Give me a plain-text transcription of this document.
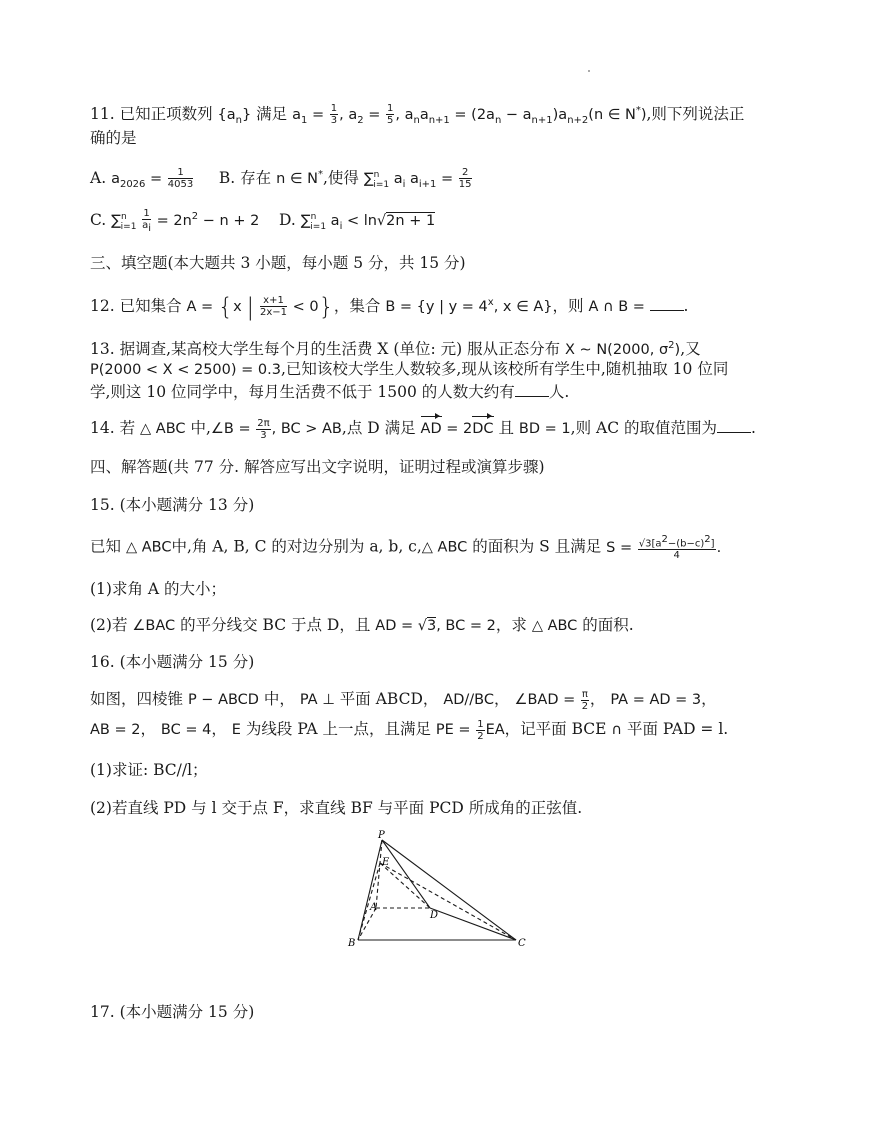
11. 已知正项数列 $\{a_n\}$ 满足 $a_1 = \frac{1}{3}$ , $a_2 = \frac{1}{5}$ , $a_na_{n+1} = (2a_n - a_{n+1})a_{n+2}(n$ ∈ N*),则下列说法正
确的是
A. $a_{2026} = \frac{1}{4053} B$. 存在 n ∈ N*,使得 ∑$^n_{i=1}$ $a_i$ $a_{i+1} = \frac{2}{15}$
C. $\sum^n_{i=1} \frac{1}{a_i} = 2n^2 - n + 2$ D. ∑$^n_{i=1}$ $a_i < \ln√2n + 1$
三、填空题(本大题共 3 小题，每小题 5 分，共 15 分)
12. 已知集合 A = {x | $\frac{x+1}{2x-1} < 0$}，集合 B = {y | $y = 4^x$, x ∈ A}，则 A ∩ B = .
13. 据调查,某高校大学生每个月的生活费 X (单位: 元) 服从正态分布 X ∼ N(2000, $\sigma^2$),又
P(2000 < X < 2500) = 0.3,已知该校大学生人数较多,现从该校所有学生中,随机抽取 10 位同
学,则这 10 位同学中，每月生活费不低于 1500 的人数大约有 人.
14. 若 △ ABC 中,∠B = $\frac{2\pi}{3}$ , BC > AB,点 D 满足 AD = 2DC 且 BD = 1,则 AC 的取值范围为 .
四、解答题(共 77 分. 解答应写出文字说明，证明过程或演算步骤)
15. (本小题满分 13 分)
已知 △ ABC中,角 A, B, C 的对边分别为 a, b, c,△ ABC 的面积为 S 且满足 $S = \frac{√3[a^2-(b-c)^2]}{4}$ .
(1)求角 A 的大小；
(2)若 ∠BAC 的平分线交 BC 于点 D，且 AD = √3, BC = 2，求 △ ABC 的面积.
16. (本小题满分 15 分)
如图，四棱锥 P − ABCD 中， PA ⊥ 平面 ABCD， AD//BC， ∠BAD = $\frac{\pi}{2}$ ， PA = AD = 3，
AB = 2， BC = 4， E 为线段 PA 上一点，且满足 PE = $\frac{1}{2}$ EA，记平面 BCE ∩ 平面 PAD = l.
(1)求证: BC//l；
(2)若直线 PD 与 l 交于点 F，求直线 BF 与平面 PCD 所成角的正弦值.
P
E
A
D
B	C
17. (本小题满分 15 分)
